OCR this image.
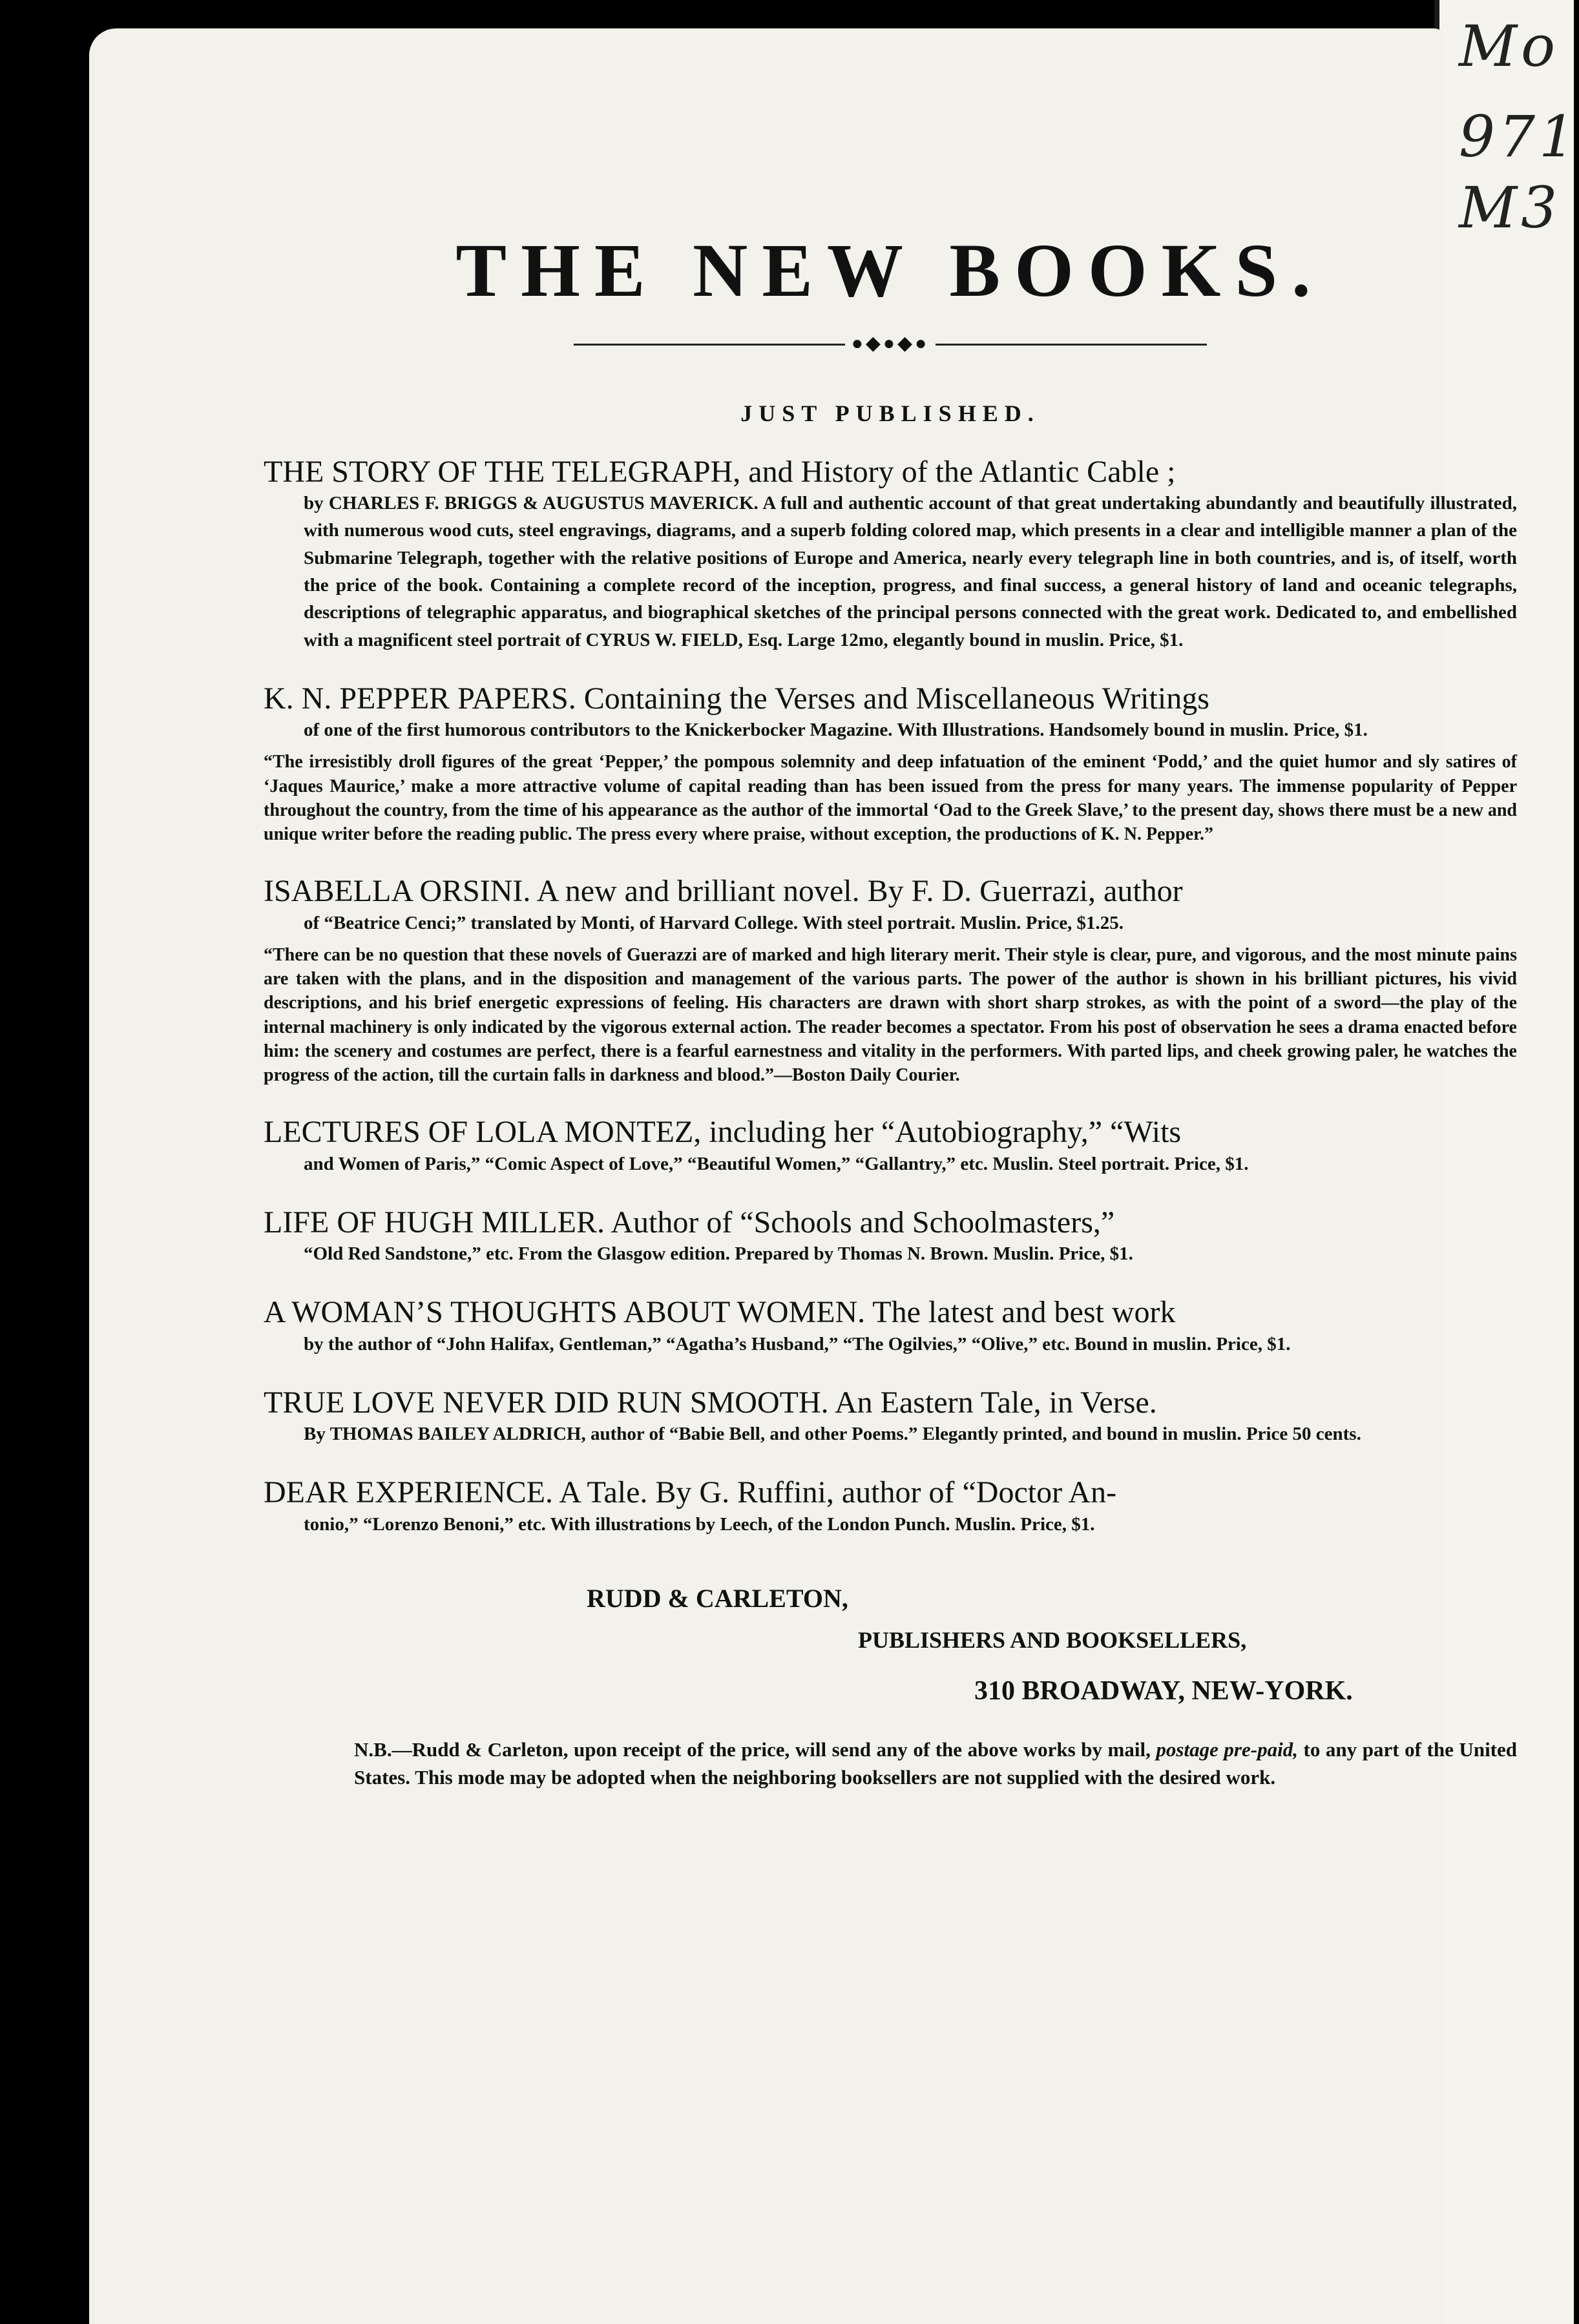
Mo
971
M3
THE NEW BOOKS.
●◆●◆●
JUST PUBLISHED.
THE STORY OF THE TELEGRAPH, and History of the Atlantic Cable ;
by CHARLES F. BRIGGS & AUGUSTUS MAVERICK. A full and authentic account of that great undertaking abundantly and beautifully illustrated, with numerous wood cuts, steel engravings, diagrams, and a superb folding colored map, which presents in a clear and intelligible manner a plan of the Submarine Telegraph, together with the relative positions of Europe and America, nearly every telegraph line in both countries, and is, of itself, worth the price of the book. Containing a complete record of the inception, progress, and final success, a general history of land and oceanic telegraphs, descriptions of telegraphic apparatus, and biographical sketches of the principal persons connected with the great work. Dedicated to, and embellished with a magnificent steel portrait of CYRUS W. FIELD, Esq. Large 12mo, elegantly bound in muslin. Price, $1.
K. N. PEPPER PAPERS. Containing the Verses and Miscellaneous Writings
of one of the first humorous contributors to the Knickerbocker Magazine. With Illustrations. Handsomely bound in muslin. Price, $1.
“The irresistibly droll figures of the great ‘Pepper,’ the pompous solemnity and deep infatuation of the eminent ‘Podd,’ and the quiet humor and sly satires of ‘Jaques Maurice,’ make a more attractive volume of capital reading than has been issued from the press for many years. The immense popularity of Pepper throughout the country, from the time of his appearance as the author of the immortal ‘Oad to the Greek Slave,’ to the present day, shows there must be a new and unique writer before the reading public. The press every where praise, without exception, the productions of K. N. Pepper.”
ISABELLA ORSINI. A new and brilliant novel. By F. D. Guerrazi, author
of “Beatrice Cenci;” translated by Monti, of Harvard College. With steel portrait. Muslin. Price, $1.25.
“There can be no question that these novels of Guerazzi are of marked and high literary merit. Their style is clear, pure, and vigorous, and the most minute pains are taken with the plans, and in the disposition and management of the various parts. The power of the author is shown in his brilliant pictures, his vivid descriptions, and his brief energetic expressions of feeling. His characters are drawn with short sharp strokes, as with the point of a sword—the play of the internal machinery is only indicated by the vigorous external action. The reader becomes a spectator. From his post of observation he sees a drama enacted before him: the scenery and costumes are perfect, there is a fearful earnestness and vitality in the performers. With parted lips, and cheek growing paler, he watches the progress of the action, till the curtain falls in darkness and blood.”—Boston Daily Courier.
LECTURES OF LOLA MONTEZ, including her “Autobiography,” “Wits
and Women of Paris,” “Comic Aspect of Love,” “Beautiful Women,” “Gallantry,” etc. Muslin. Steel portrait. Price, $1.
LIFE OF HUGH MILLER. Author of “Schools and Schoolmasters,”
“Old Red Sandstone,” etc. From the Glasgow edition. Prepared by Thomas N. Brown. Muslin. Price, $1.
A WOMAN’S THOUGHTS ABOUT WOMEN. The latest and best work
by the author of “John Halifax, Gentleman,” “Agatha’s Husband,” “The Ogilvies,” “Olive,” etc. Bound in muslin. Price, $1.
TRUE LOVE NEVER DID RUN SMOOTH. An Eastern Tale, in Verse.
By THOMAS BAILEY ALDRICH, author of “Babie Bell, and other Poems.” Elegantly printed, and bound in muslin. Price 50 cents.
DEAR EXPERIENCE. A Tale. By G. Ruffini, author of “Doctor An-
tonio,” “Lorenzo Benoni,” etc. With illustrations by Leech, of the London Punch. Muslin. Price, $1.
RUDD & CARLETON,
PUBLISHERS AND BOOKSELLERS,
310 BROADWAY, NEW-YORK.
N.B.—Rudd & Carleton, upon receipt of the price, will send any of the above works by mail, postage pre-paid, to any part of the United States. This mode may be adopted when the neighboring booksellers are not supplied with the desired work.
